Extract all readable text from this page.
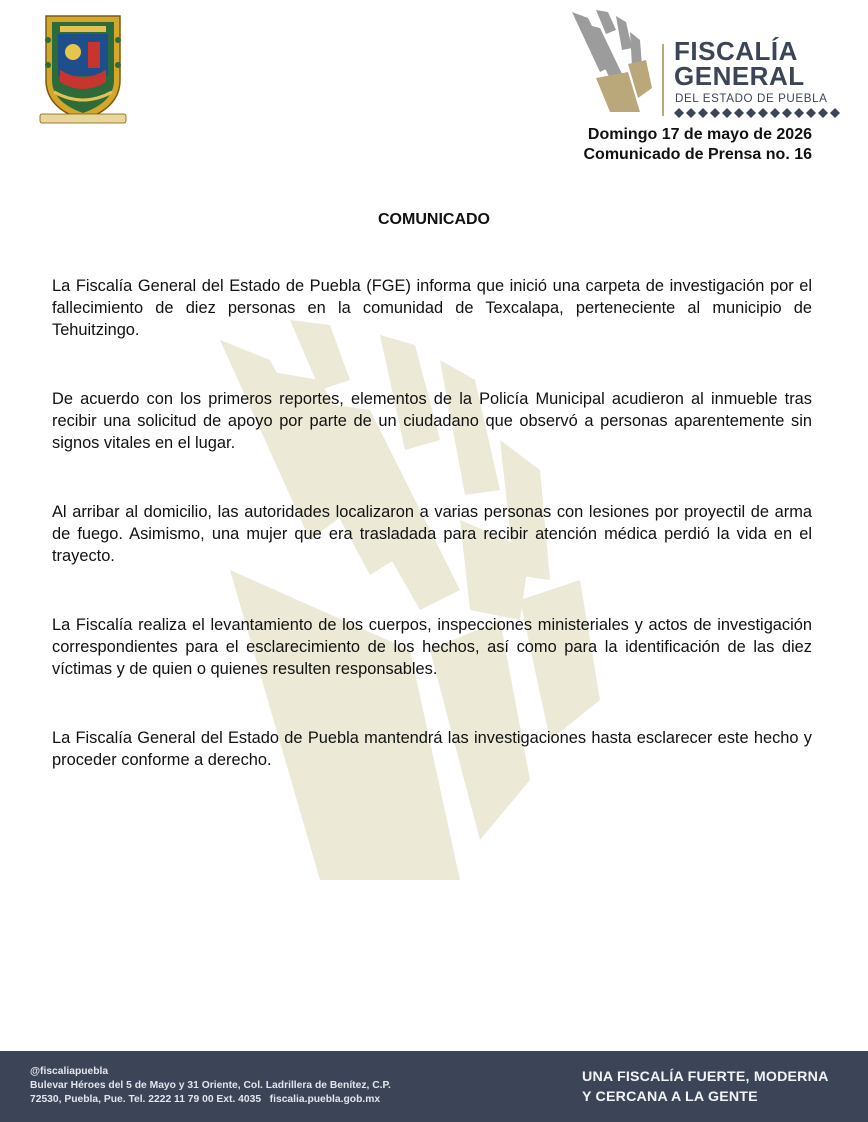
FISCALÍA
GENERAL
DEL ESTADO DE PUEBLA
Domingo 17 de mayo de 2026
Comunicado de Prensa no. 16
COMUNICADO

La Fiscalía General del Estado de Puebla (FGE) informa que inició una carpeta de investigación por el fallecimiento de diez personas en la comunidad de Texcalapa, perteneciente al municipio de Tehuitzingo.

De acuerdo con los primeros reportes, elementos de la Policía Municipal acudieron al inmueble tras recibir una solicitud de apoyo por parte de un ciudadano que observó a personas aparentemente sin signos vitales en el lugar.

Al arribar al domicilio, las autoridades localizaron a varias personas con lesiones por proyectil de arma de fuego. Asimismo, una mujer que era trasladada para recibir atención médica perdió la vida en el trayecto.

La Fiscalía realiza el levantamiento de los cuerpos, inspecciones ministeriales y actos de investigación correspondientes para el esclarecimiento de los hechos, así como para la identificación de las diez víctimas y de quien o quienes resulten responsables.

La Fiscalía General del Estado de Puebla mantendrá las investigaciones hasta esclarecer este hecho y proceder conforme a derecho.

@fiscaliapuebla
Bulevar Héroes del 5 de Mayo y 31 Oriente, Col. Ladrillera de Benítez, C.P.
72530, Puebla, Pue. Tel. 2222 11 79 00 Ext. 4035 fiscalia.puebla.gob.mx
UNA FISCALÍA FUERTE, MODERNA
Y CERCANA A LA GENTE
